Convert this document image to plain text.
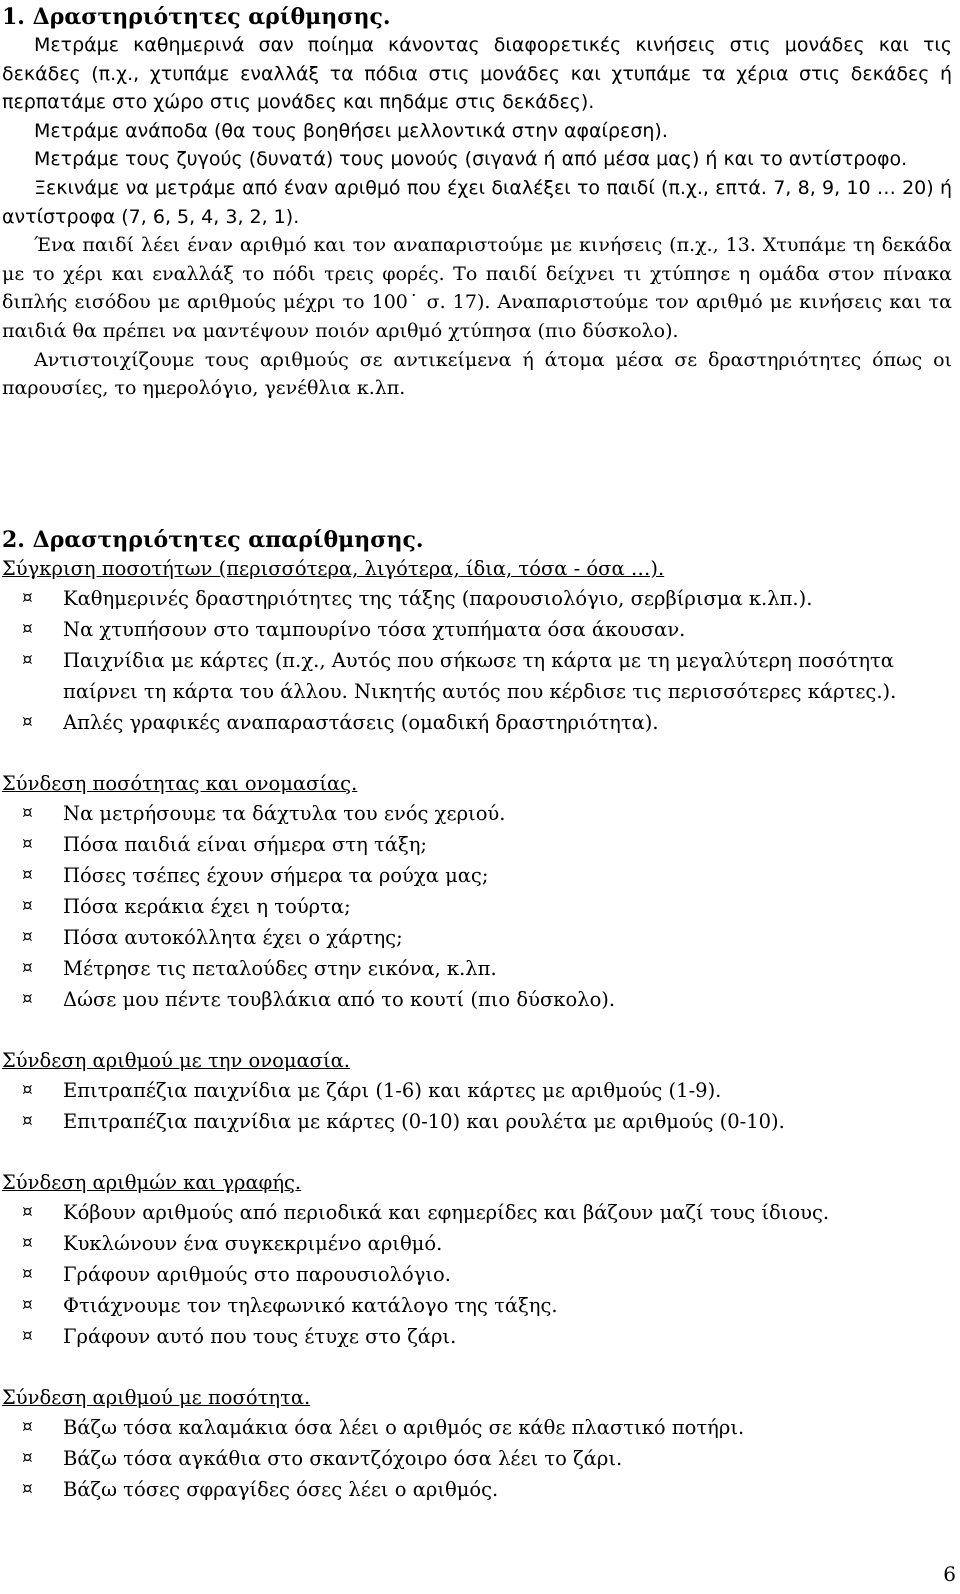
1. Δραστηριότητες αρίθμησης.

Μετράμε καθημερινά σαν ποίημα κάνοντας διαφορετικές κινήσεις στις μονάδες και τις δεκάδες (π.χ., χτυπάμε εναλλάξ τα πόδια στις μονάδες και χτυπάμε τα χέρια στις δεκάδες ή περπατάμε στο χώρο στις μονάδες και πηδάμε στις δεκάδες).

Μετράμε ανάποδα (θα τους βοηθήσει μελλοντικά στην αφαίρεση).

Μετράμε τους ζυγούς (δυνατά) τους μονούς (σιγανά ή από μέσα μας) ή και το αντίστροφο.

Ξεκινάμε να μετράμε από έναν αριθμό που έχει διαλέξει το παιδί (π.χ., επτά. 7, 8, 9, 10 … 20) ή αντίστροφα (7, 6, 5, 4, 3, 2, 1).

Ένα παιδί λέει έναν αριθμό και τον αναπαριστούμε με κινήσεις (π.χ., 13. Χτυπάμε τη δεκάδα με το χέρι και εναλλάξ το πόδι τρεις φορές. Το παιδί δείχνει τι χτύπησε η ομάδα στον πίνακα διπλής εισόδου με αριθμούς μέχρι το 100˙ σ. 17). Αναπαριστούμε τον αριθμό με κινήσεις και τα παιδιά θα πρέπει να μαντέψουν ποιόν αριθμό χτύπησα (πιο δύσκολο).

Αντιστοιχίζουμε τους αριθμούς σε αντικείμενα ή άτομα μέσα σε δραστηριότητες όπως οι παρουσίες, το ημερολόγιο, γενέθλια κ.λπ.

2. Δραστηριότητες απαρίθμησης.

Σύγκριση ποσοτήτων (περισσότερα, λιγότερα, ίδια, τόσα - όσα …).

¤ Καθημερινές δραστηριότητες της τάξης (παρουσιολόγιο, σερβίρισμα κ.λπ.).
¤ Να χτυπήσουν στο ταμπουρίνο τόσα χτυπήματα όσα άκουσαν.
¤ Παιχνίδια με κάρτες (π.χ., Αυτός που σήκωσε τη κάρτα με τη μεγαλύτερη ποσότητα παίρνει τη κάρτα του άλλου. Νικητής αυτός που κέρδισε τις περισσότερες κάρτες.).
¤ Απλές γραφικές αναπαραστάσεις (ομαδική δραστηριότητα).

Σύνδεση ποσότητας και ονομασίας.

¤ Να μετρήσουμε τα δάχτυλα του ενός χεριού.
¤ Πόσα παιδιά είναι σήμερα στη τάξη;
¤ Πόσες τσέπες έχουν σήμερα τα ρούχα μας;
¤ Πόσα κεράκια έχει η τούρτα;
¤ Πόσα αυτοκόλλητα έχει ο χάρτης;
¤ Μέτρησε τις πεταλούδες στην εικόνα, κ.λπ.
¤ Δώσε μου πέντε τουβλάκια από το κουτί (πιο δύσκολο).

Σύνδεση αριθμού με την ονομασία.

¤ Επιτραπέζια παιχνίδια με ζάρι (1-6) και κάρτες με αριθμούς (1-9).
¤ Επιτραπέζια παιχνίδια με κάρτες (0-10) και ρουλέτα με αριθμούς (0-10).

Σύνδεση αριθμών και γραφής.

¤ Κόβουν αριθμούς από περιοδικά και εφημερίδες και βάζουν μαζί τους ίδιους.
¤ Κυκλώνουν ένα συγκεκριμένο αριθμό.
¤ Γράφουν αριθμούς στο παρουσιολόγιο.
¤ Φτιάχνουμε τον τηλεφωνικό κατάλογο της τάξης.
¤ Γράφουν αυτό που τους έτυχε στο ζάρι.

Σύνδεση αριθμού με ποσότητα.

¤ Βάζω τόσα καλαμάκια όσα λέει ο αριθμός σε κάθε πλαστικό ποτήρι.
¤ Βάζω τόσα αγκάθια στο σκαντζόχοιρο όσα λέει το ζάρι.
¤ Βάζω τόσες σφραγίδες όσες λέει ο αριθμός.
6
